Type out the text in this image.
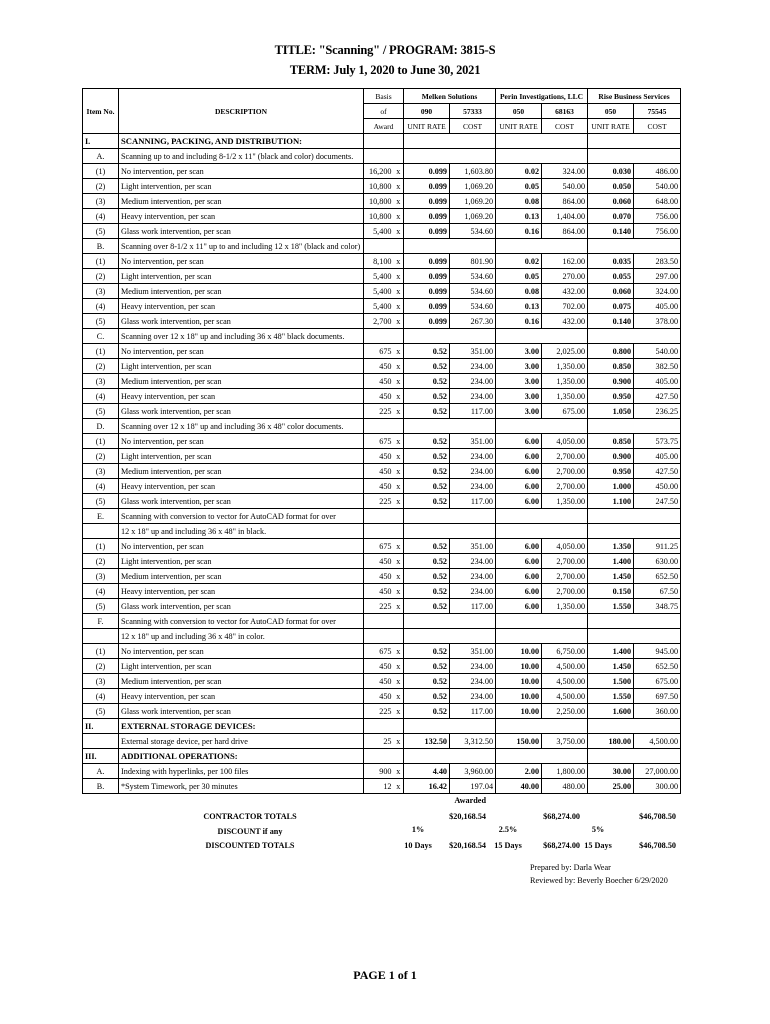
TITLE: "Scanning" / PROGRAM: 3815-S
TERM: July 1, 2020 to June 30, 2021
Item No.	DESCRIPTION	Basis		Melken Solutions		Perin Investigations, LLC		Rise Business Services	
		of		090	57333	050	68163	050	75545
		Award		UNIT RATE	COST	UNIT RATE	COST	UNIT RATE	COST
I.	SCANNING, PACKING, AND DISTRIBUTION:								
A.	Scanning up to and including 8-1/2 x 11" (black and color) documents.								
(1)	No intervention, per scan	16,200	x	0.099	1,603.80	0.02	324.00	0.030	486.00
(2)	Light intervention, per scan	10,800	x	0.099	1,069.20	0.05	540.00	0.050	540.00
(3)	Medium intervention, per scan	10,800	x	0.099	1,069.20	0.08	864.00	0.060	648.00
(4)	Heavy intervention, per scan	10,800	x	0.099	1,069.20	0.13	1,404.00	0.070	756.00
(5)	Glass work intervention, per scan	5,400	x	0.099	534.60	0.16	864.00	0.140	756.00
B.	Scanning over 8-1/2 x 11" up to and including 12 x 18" (black and color)								
(1)	No intervention, per scan	8,100	x	0.099	801.90	0.02	162.00	0.035	283.50
(2)	Light intervention, per scan	5,400	x	0.099	534.60	0.05	270.00	0.055	297.00
(3)	Medium intervention, per scan	5,400	x	0.099	534.60	0.08	432.00	0.060	324.00
(4)	Heavy intervention, per scan	5,400	x	0.099	534.60	0.13	702.00	0.075	405.00
(5)	Glass work intervention, per scan	2,700	x	0.099	267.30	0.16	432.00	0.140	378.00
C.	Scanning over 12 x 18" up and including 36 x 48" black documents.								
(1)	No intervention, per scan	675	x	0.52	351.00	3.00	2,025.00	0.800	540.00
(2)	Light intervention, per scan	450	x	0.52	234.00	3.00	1,350.00	0.850	382.50
(3)	Medium intervention, per scan	450	x	0.52	234.00	3.00	1,350.00	0.900	405.00
(4)	Heavy intervention, per scan	450	x	0.52	234.00	3.00	1,350.00	0.950	427.50
(5)	Glass work intervention, per scan	225	x	0.52	117.00	3.00	675.00	1.050	236.25
D.	Scanning over 12 x 18" up and including 36 x 48" color documents.								
(1)	No intervention, per scan	675	x	0.52	351.00	6.00	4,050.00	0.850	573.75
(2)	Light intervention, per scan	450	x	0.52	234.00	6.00	2,700.00	0.900	405.00
(3)	Medium intervention, per scan	450	x	0.52	234.00	6.00	2,700.00	0.950	427.50
(4)	Heavy intervention, per scan	450	x	0.52	234.00	6.00	2,700.00	1.000	450.00
(5)	Glass work intervention, per scan	225	x	0.52	117.00	6.00	1,350.00	1.100	247.50
E.	Scanning with conversion to vector for AutoCAD format for over								
	12 x 18" up and including 36 x 48" in black.								
(1)	No intervention, per scan	675	x	0.52	351.00	6.00	4,050.00	1.350	911.25
(2)	Light intervention, per scan	450	x	0.52	234.00	6.00	2,700.00	1.400	630.00
(3)	Medium intervention, per scan	450	x	0.52	234.00	6.00	2,700.00	1.450	652.50
(4)	Heavy intervention, per scan	450	x	0.52	234.00	6.00	2,700.00	0.150	67.50
(5)	Glass work intervention, per scan	225	x	0.52	117.00	6.00	1,350.00	1.550	348.75
F.	Scanning with conversion to vector for AutoCAD format for over								
	12 x 18" up and including 36 x 48" in color.								
(1)	No intervention, per scan	675	x	0.52	351.00	10.00	6,750.00	1.400	945.00
(2)	Light intervention, per scan	450	x	0.52	234.00	10.00	4,500.00	1.450	652.50
(3)	Medium intervention, per scan	450	x	0.52	234.00	10.00	4,500.00	1.500	675.00
(4)	Heavy intervention, per scan	450	x	0.52	234.00	10.00	4,500.00	1.550	697.50
(5)	Glass work intervention, per scan	225	x	0.52	117.00	10.00	2,250.00	1.600	360.00
II.	EXTERNAL STORAGE DEVICES:								
	External storage device, per hard drive	25	x	132.50	3,312.50	150.00	3,750.00	180.00	4,500.00
III.	ADDITIONAL OPERATIONS:								
A.	Indexing with hyperlinks, per 100 files	900	x	4.40	3,960.00	2.00	1,800.00	30.00	27,000.00
B.	*System Timework, per 30 minutes	12	x	16.42	197.04	40.00	480.00	25.00	300.00
Awarded
CONTRACTOR TOTALS	$20,168.54	$68,274.00	$46,708.50
DISCOUNT if any	1%	2.5%	5%
DISCOUNTED TOTALS	10 Days	$20,168.54	15 Days	$68,274.00 15 Days	$46,708.50
Prepared by: Darla Wear
Reviewed by: Beverly Boecher 6/29/2020
PAGE 1 of 1
